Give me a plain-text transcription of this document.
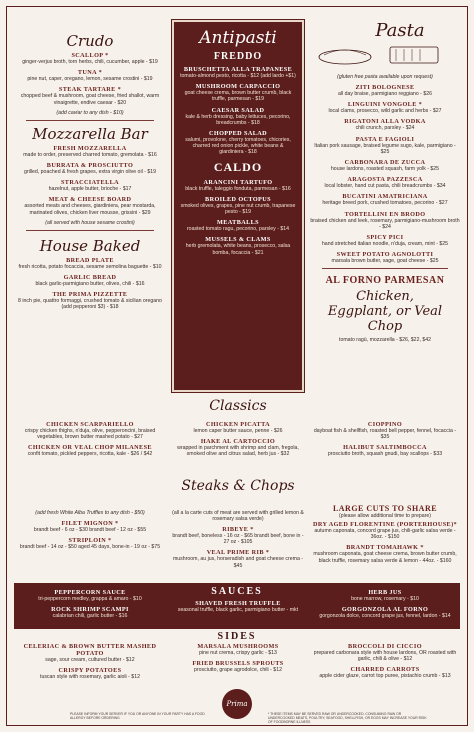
Crudo
SCALLOP *
ginger-verjus broth, torn herbs, chili, cucumber, apple - $19
TUNA *
pine nut, caper, oregano, lemon, sesame crostini - $19
STEAK TARTARE *
chopped beef & mushroom, goat cheese, fried shallot, warm vinaigrette, endive caesar - $20
(add caviar to any dish - $10)
Mozzarella Bar
FRESH MOZZARELLA
made to order, preserved charred tomato, gremolata - $16
BURRATA & PROSCIUTTO
grilled, poached & fresh grapes, extra virgin olive oil - $19
STRACCIATELLA
hazelnut, apple butter, brioche - $17
MEAT & CHEESE BOARD
assorted meats and cheeses, giardiniera, pear mostarda, marinated olives, chicken liver mousse, grissini - $29
(all served with house sesame crostini)
House Baked
BREAD PLATE
fresh ricotta, potato focaccia, sesame semolina baguette - $10
GARLIC BREAD
black garlic-parmigiano butter, olives, chili - $16
THE PRIMA PIZZETTE
8 inch pie, quattro formaggi, crushed tomato & sicilian oregano (add pepperoni $3) - $18
Antipasti
FREDDO
BRUSCHETTA ALLA TRAPANESE
tomato-almond pesto, ricotta - $12 (add lardo +$1)
MUSHROOM CARPACCIO
goat cheese crema, brown butter crumb, black truffle, parmesan - $19
CAESAR SALAD
kale & herb dressing, baby lettuces, pecorino, breadcrumbs - $18
CHOPPED SALAD
salumi, provolone, cherry tomatoes, chicories, charred red onion pickle, white beans & giardiniera - $18
CALDO
ARANCINI TARTUFO
black truffle, taleggio fonduta, parmesan - $16
BROILED OCTOPUS
smoked olives, grapes, pine nut crumb, trapanese pesto - $19
MEATBALLS
roasted tomato ragu, pecorino, parsley - $14
MUSSELS & CLAMS
herb gremolata, white beans, prosecco, salsa bomba, focaccia - $21
Pasta
(gluten free pasta available upon request)
ZITI BOLOGNESE
all day braise, parmigiano reggiano - $26
LINGUINI VONGOLE *
local clams, prosecco, wild garlic and herbs - $27
RIGATONI ALLA VODKA
chili crunch, parsley - $24
PASTA E FAGIOLI
Italian pork sausage, braised legume sugo, kale, parmigiano - $25
CARBONARA DE ZUCCA
house lardons, roasted squash, farm yolk - $25
ARAGOSTA PAZZESCA
local lobster, hand cut pasta, chili breadcrumbs - $34
BUCATINI AMATRICIANA
heritage breed pork, crushed tomatoes, pecorino - $27
TORTELLINI EN BRODO
braised chicken and leek, rosemary, parmigiano-mushroom broth - $24
SPICY PICI
hand stretched italian noodle, n'duja, cream, mint - $25
SWEET POTATO AGNOLOTTI
marsala brown butter, sage, goat cheese - $25
AL FORNO PARMESAN
Chicken, Eggplant, or Veal Chop
tomato ragù, mozzarella - $26, $22, $42
Classics
CHICKEN SCARPARIELLO
crispy chicken thighs, n'duja, olive, pepperoncini, braised vegetables, brown butter mashed potato - $27
CHICKEN OR VEAL CHOP MILANESE
confit tomato, pickled peppers, ricotta, kale - $26 / $42
CHICKEN PICATTA
lemon caper butter sauce, penne - $26
HAKE AL CARTOCCIO
wrapped in parchment with shrimp and clam, fregola, smoked olive and citrus salad, herb jus - $32
CIOPPINO
dayboat fish & shellfish, roasted bell pepper, fennel, focaccia - $35
HALIBUT SALTIMBOCCA
prosciutto broth, squash gnudi, bay scallops - $33
Steaks & Chops
(add fresh White Alba Truffles to any dish - $50)
FILET MIGNON *
brandt beef - 6 oz - $30 brandt beef - 12 oz - $55
STRIPLOIN *
brandt beef - 14 oz - $50 aged 45 days, bone-in - 19 oz - $75
(all a la carte cuts of meat are served with grilled lemon & rosemary salsa verde)
RIBEYE *
brandt beef, boneless - 16 oz - $65 brandt beef, bone in - 27 oz - $105
VEAL PRIME RIB *
mushroom, au jus, horseradish and goat cheese crema - $45
LARGE CUTS TO SHARE
(please allow additional time to prepare)
DRY AGED FLORENTINE (PORTERHOUSE)*
autumn caponata, concord grape jus, chili-garlic salsa verde - 36oz. - $150
BRANDT TOMAHAWK *
mushroom caponata, goat cheese crema, brown butter crumb, black truffle, rosemary salsa verde & lemon - 44oz. - $160
SAUCES
PEPPERCORN SAUCE
tri-peppercorn medley, grappa & amaro - $10
ROCK SHRIMP SCAMPI
calabrian chili, garlic butter - $16
SHAVED FRESH TRUFFLE
seasonal truffle, black garlic, parmigiano butter - mkt
HERB JUS
bone marrow, rosemary - $10
GORGONZOLA AL FORNO
gorgonzola dolce, concord grape jus, fennel, lardon - $14
SIDES
CELERIAC & BROWN BUTTER MASHED POTATO
sage, sour cream, cultured butter - $12
CRISPY POTATOES
tuscan style with rosemary, garlic aioli - $12
MARSALA MUSHROOMS
pine nut crema, crispy garlic - $13
FRIED BRUSSELS SPROUTS
prosciutto, grape agrodolce, chili - $12
BROCCOLI DI CICCIO
prepared carbonara style with house lardons, OR roasted with garlic, chili & olive - $12
CHARRED CARROTS
apple cider glaze, carrot top puree, pistachio crumb - $13
Prima
PLEASE INFORM YOUR SERVER IF YOU OR ANYONE IN YOUR PARTY HAS A FOOD ALLERGY BEFORE ORDERING
* THESE ITEMS MAY BE SERVED RAW OR UNDERCOOKED. CONSUMING RAW OR UNDERCOOKED MEATS, POULTRY, SEAFOOD, SHELLFISH, OR EGGS MAY INCREASE YOUR RISK OF FOODBORNE ILLNESS
